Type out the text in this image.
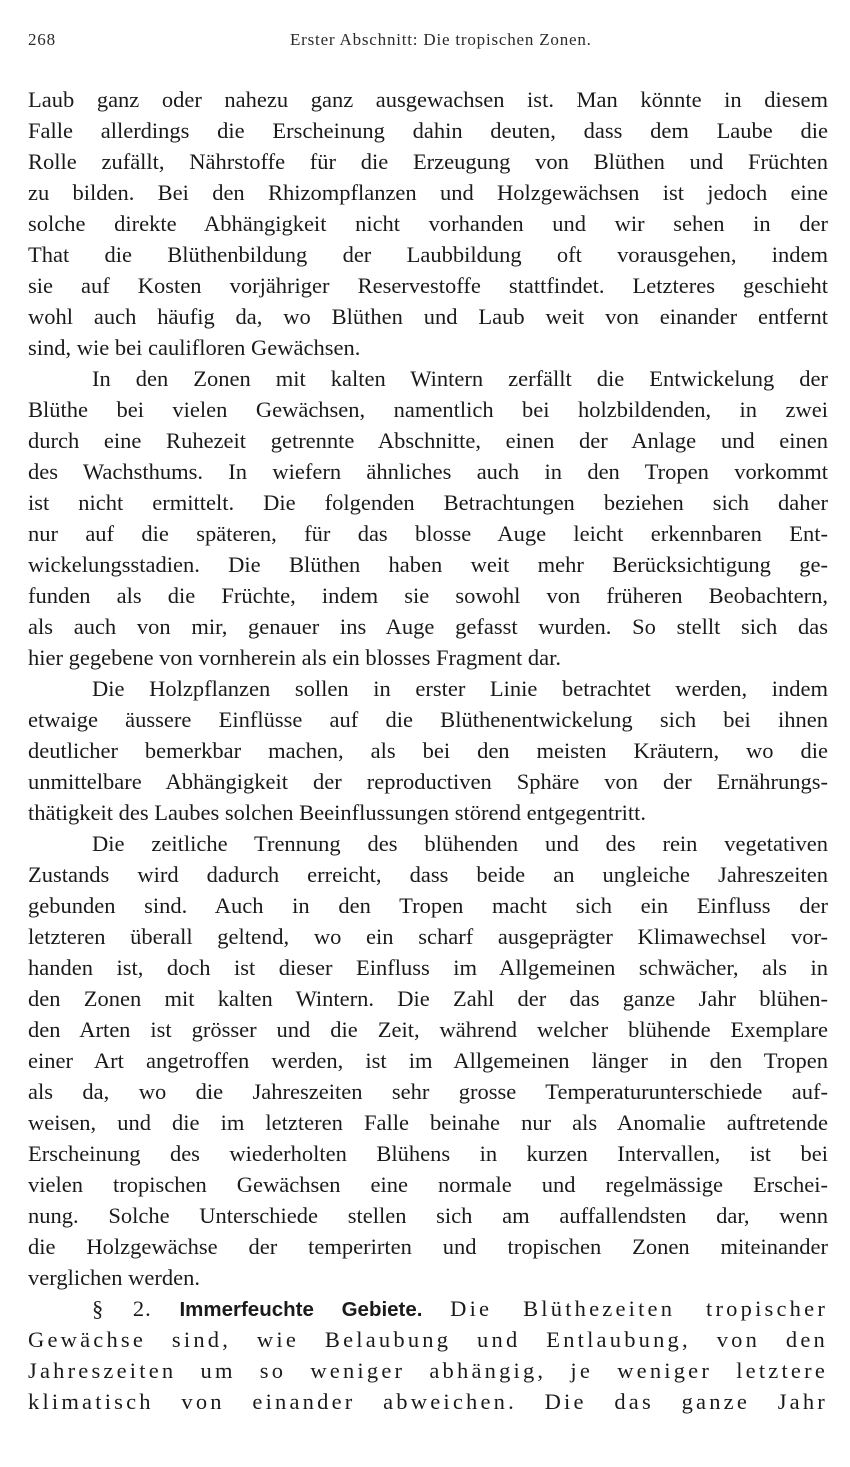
268	Erster Abschnitt: Die tropischen Zonen.
Laub ganz oder nahezu ganz ausgewachsen ist. Man könnte in diesem
Falle allerdings die Erscheinung dahin deuten, dass dem Laube die
Rolle zufällt, Nährstoffe für die Erzeugung von Blüthen und Früchten
zu bilden. Bei den Rhizompflanzen und Holzgewächsen ist jedoch eine
solche direkte Abhängigkeit nicht vorhanden und wir sehen in der
That die Blüthenbildung der Laubbildung oft vorausgehen, indem
sie auf Kosten vorjähriger Reservestoffe stattfindet. Letzteres geschieht
wohl auch häufig da, wo Blüthen und Laub weit von einander entfernt
sind, wie bei caulifloren Gewächsen.
In den Zonen mit kalten Wintern zerfällt die Entwickelung der
Blüthe bei vielen Gewächsen, namentlich bei holzbildenden, in zwei
durch eine Ruhezeit getrennte Abschnitte, einen der Anlage und einen
des Wachsthums. In wiefern ähnliches auch in den Tropen vorkommt
ist nicht ermittelt. Die folgenden Betrachtungen beziehen sich daher
nur auf die späteren, für das blosse Auge leicht erkennbaren Ent-
wickelungsstadien. Die Blüthen haben weit mehr Berücksichtigung ge-
funden als die Früchte, indem sie sowohl von früheren Beobachtern,
als auch von mir, genauer ins Auge gefasst wurden. So stellt sich das
hier gegebene von vornherein als ein blosses Fragment dar.
Die Holzpflanzen sollen in erster Linie betrachtet werden, indem
etwaige äussere Einflüsse auf die Blüthenentwickelung sich bei ihnen
deutlicher bemerkbar machen, als bei den meisten Kräutern, wo die
unmittelbare Abhängigkeit der reproductiven Sphäre von der Ernährungs-
thätigkeit des Laubes solchen Beeinflussungen störend entgegentritt.
Die zeitliche Trennung des blühenden und des rein vegetativen
Zustands wird dadurch erreicht, dass beide an ungleiche Jahreszeiten
gebunden sind. Auch in den Tropen macht sich ein Einfluss der
letzteren überall geltend, wo ein scharf ausgeprägter Klimawechsel vor-
handen ist, doch ist dieser Einfluss im Allgemeinen schwächer, als in
den Zonen mit kalten Wintern. Die Zahl der das ganze Jahr blühen-
den Arten ist grösser und die Zeit, während welcher blühende Exemplare
einer Art angetroffen werden, ist im Allgemeinen länger in den Tropen
als da, wo die Jahreszeiten sehr grosse Temperaturunterschiede auf-
weisen, und die im letzteren Falle beinahe nur als Anomalie auftretende
Erscheinung des wiederholten Blühens in kurzen Intervallen, ist bei
vielen tropischen Gewächsen eine normale und regelmässige Erschei-
nung. Solche Unterschiede stellen sich am auffallendsten dar, wenn
die Holzgewächse der temperirten und tropischen Zonen miteinander
verglichen werden.
§ 2. Immerfeuchte Gebiete. Die Blüthezeiten tropischer
Gewächse sind, wie Belaubung und Entlaubung, von den
Jahreszeiten um so weniger abhängig, je weniger letztere
klimatisch von einander abweichen. Die das ganze Jahr
